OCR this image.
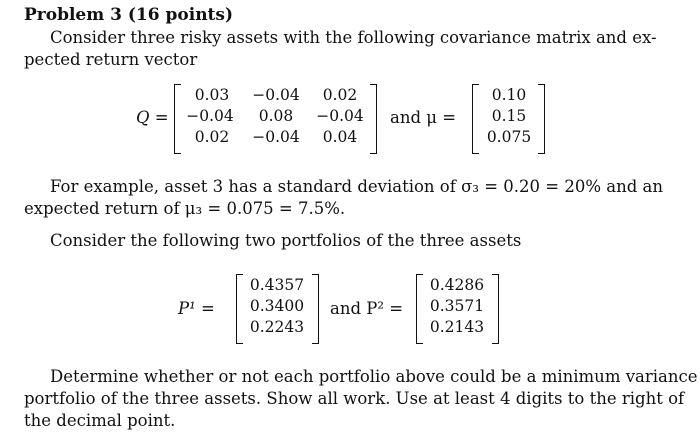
Problem 3 (16 points)
Consider three risky assets with the following covariance matrix and ex-
pected return vector
Q =
0.03	−0.04	0.02
−0.04	0.08	−0.04
0.02	−0.04	0.04
and μ =
0.10
0.15
0.075
For example, asset 3 has a standard deviation of σ₃ = 0.20 = 20% and an
expected return of μ₃ = 0.075 = 7.5%.
Consider the following two portfolios of the three assets
P¹ =
0.4357
0.3400
0.2243
and P² =
0.4286
0.3571
0.2143
Determine whether or not each portfolio above could be a minimum variance
portfolio of the three assets. Show all work. Use at least 4 digits to the right of
the decimal point.
